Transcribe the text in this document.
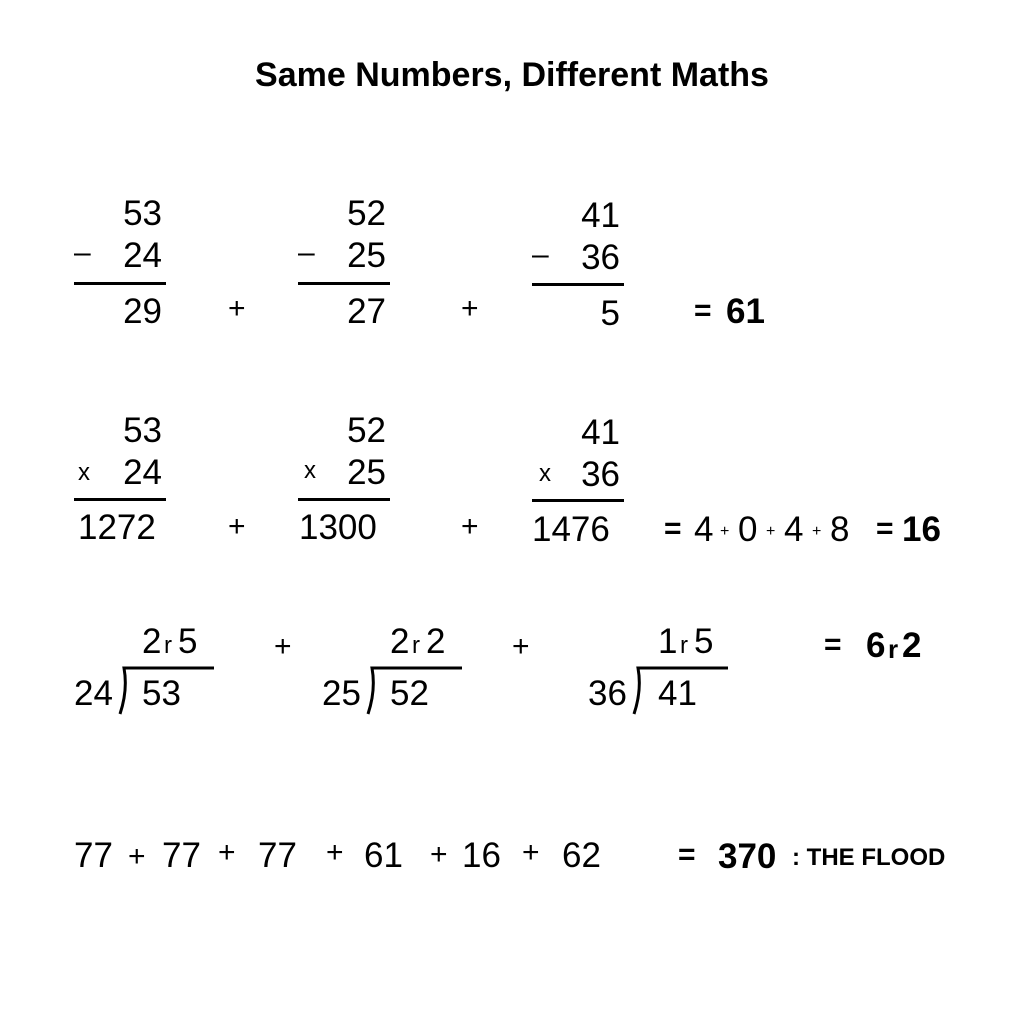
Same Numbers, Different Maths
53
– 24
29 +
52
– 25
27	+
41
– 36
5 = 61
53
x 24
1272 +
52
x 25
1300	+
41
x 36
1476 = 4 + 0 + 4 + 8 = 16
2 r 5
24 53
+	2 r 2
25 52
+	1 r 5
36 41
= 6 r 2
77 + 77 + 77 + 61 + 16 + 62	= 370 : THE FLOOD
